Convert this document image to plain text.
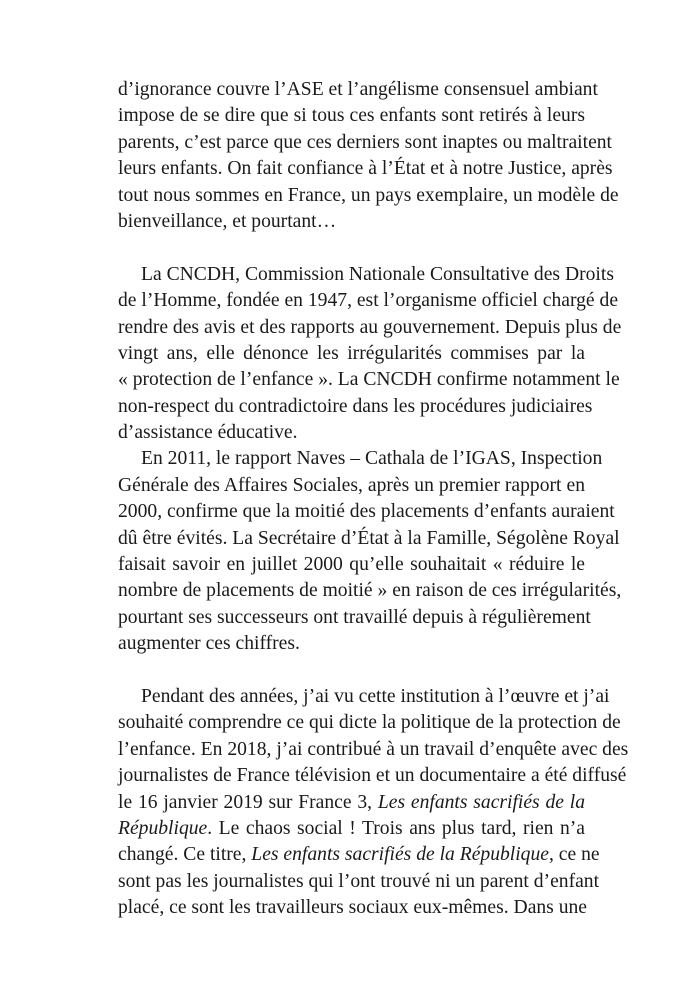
d’ignorance couvre l’ASE et l’angélisme consensuel ambiant
impose de se dire que si tous ces enfants sont retirés à leurs
parents, c’est parce que ces derniers sont inaptes ou maltraitent
leurs enfants. On fait confiance à l’État et à notre Justice, après
tout nous sommes en France, un pays exemplaire, un modèle de
bienveillance, et pourtant…
La CNCDH, Commission Nationale Consultative des Droits
de l’Homme, fondée en 1947, est l’organisme officiel chargé de
rendre des avis et des rapports au gouvernement. Depuis plus de
vingt ans, elle dénonce les irrégularités commises par la
« protection de l’enfance ». La CNCDH confirme notamment le
non-respect du contradictoire dans les procédures judiciaires
d’assistance éducative.
En 2011, le rapport Naves – Cathala de l’IGAS, Inspection
Générale des Affaires Sociales, après un premier rapport en
2000, confirme que la moitié des placements d’enfants auraient
dû être évités. La Secrétaire d’État à la Famille, Ségolène Royal
faisait savoir en juillet 2000 qu’elle souhaitait « réduire le
nombre de placements de moitié » en raison de ces irrégularités,
pourtant ses successeurs ont travaillé depuis à régulièrement
augmenter ces chiffres.
Pendant des années, j’ai vu cette institution à l’œuvre et j’ai
souhaité comprendre ce qui dicte la politique de la protection de
l’enfance. En 2018, j’ai contribué à un travail d’enquête avec des
journalistes de France télévision et un documentaire a été diffusé
le 16 janvier 2019 sur France 3, Les enfants sacrifiés de la
République. Le chaos social ! Trois ans plus tard, rien n’a
changé. Ce titre, Les enfants sacrifiés de la République, ce ne
sont pas les journalistes qui l’ont trouvé ni un parent d’enfant
placé, ce sont les travailleurs sociaux eux-mêmes. Dans une
